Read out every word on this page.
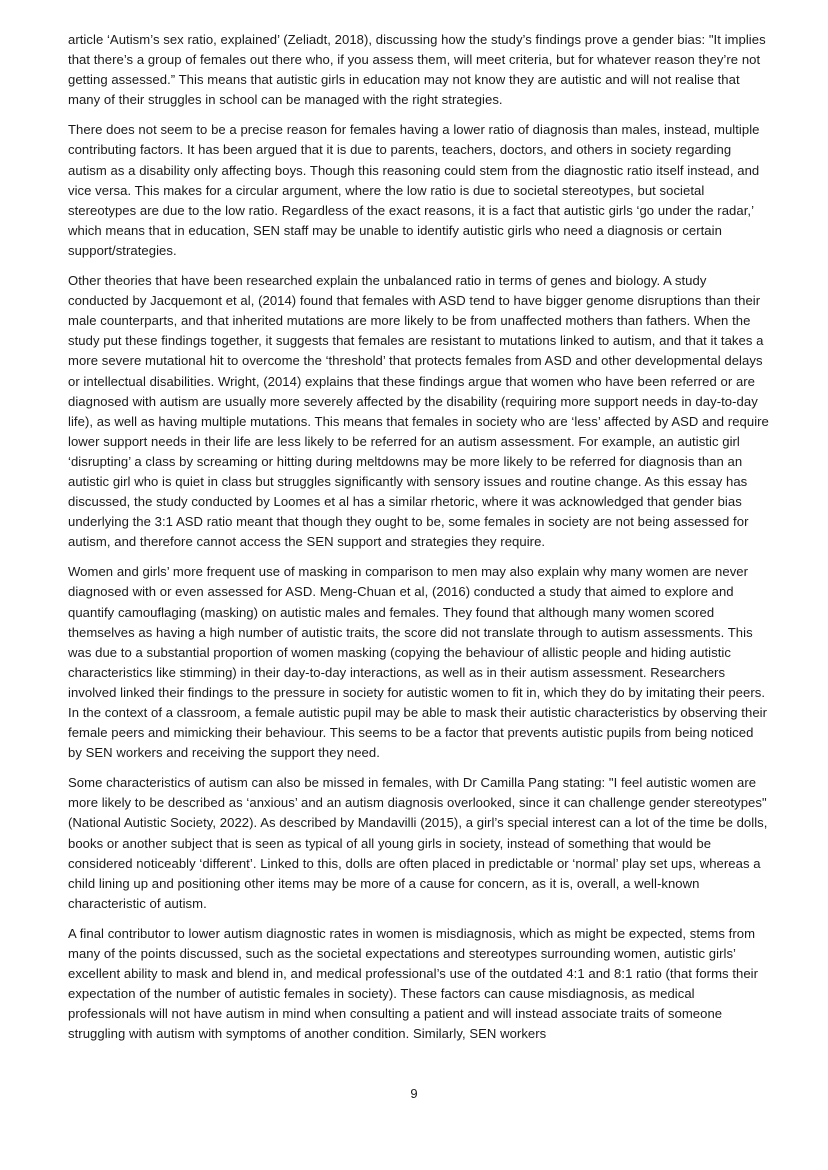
article ‘Autism’s sex ratio, explained’ (Zeliadt, 2018), discussing how the study’s findings prove a gender bias: "It implies that there’s a group of females out there who, if you assess them, will meet criteria, but for whatever reason they’re not getting assessed.” This means that autistic girls in education may not know they are autistic and will not realise that many of their struggles in school can be managed with the right strategies.

There does not seem to be a precise reason for females having a lower ratio of diagnosis than males, instead, multiple contributing factors. It has been argued that it is due to parents, teachers, doctors, and others in society regarding autism as a disability only affecting boys. Though this reasoning could stem from the diagnostic ratio itself instead, and vice versa. This makes for a circular argument, where the low ratio is due to societal stereotypes, but societal stereotypes are due to the low ratio. Regardless of the exact reasons, it is a fact that autistic girls ‘go under the radar,’ which means that in education, SEN staff may be unable to identify autistic girls who need a diagnosis or certain support/strategies.

Other theories that have been researched explain the unbalanced ratio in terms of genes and biology. A study conducted by Jacquemont et al, (2014) found that females with ASD tend to have bigger genome disruptions than their male counterparts, and that inherited mutations are more likely to be from unaffected mothers than fathers. When the study put these findings together, it suggests that females are resistant to mutations linked to autism, and that it takes a more severe mutational hit to overcome the ‘threshold’ that protects females from ASD and other developmental delays or intellectual disabilities. Wright, (2014) explains that these findings argue that women who have been referred or are diagnosed with autism are usually more severely affected by the disability (requiring more support needs in day-to-day life), as well as having multiple mutations. This means that females in society who are ‘less’ affected by ASD and require lower support needs in their life are less likely to be referred for an autism assessment. For example, an autistic girl ‘disrupting’ a class by screaming or hitting during meltdowns may be more likely to be referred for diagnosis than an autistic girl who is quiet in class but struggles significantly with sensory issues and routine change. As this essay has discussed, the study conducted by Loomes et al has a similar rhetoric, where it was acknowledged that gender bias underlying the 3:1 ASD ratio meant that though they ought to be, some females in society are not being assessed for autism, and therefore cannot access the SEN support and strategies they require.

Women and girls’ more frequent use of masking in comparison to men may also explain why many women are never diagnosed with or even assessed for ASD. Meng-Chuan et al, (2016) conducted a study that aimed to explore and quantify camouflaging (masking) on autistic males and females. They found that although many women scored themselves as having a high number of autistic traits, the score did not translate through to autism assessments. This was due to a substantial proportion of women masking (copying the behaviour of allistic people and hiding autistic characteristics like stimming) in their day-to-day interactions, as well as in their autism assessment. Researchers involved linked their findings to the pressure in society for autistic women to fit in, which they do by imitating their peers. In the context of a classroom, a female autistic pupil may be able to mask their autistic characteristics by observing their female peers and mimicking their behaviour. This seems to be a factor that prevents autistic pupils from being noticed by SEN workers and receiving the support they need.

Some characteristics of autism can also be missed in females, with Dr Camilla Pang stating: "I feel autistic women are more likely to be described as ‘anxious’ and an autism diagnosis overlooked, since it can challenge gender stereotypes" (National Autistic Society, 2022). As described by Mandavilli (2015), a girl’s special interest can a lot of the time be dolls, books or another subject that is seen as typical of all young girls in society, instead of something that would be considered noticeably ‘different’. Linked to this, dolls are often placed in predictable or ‘normal’ play set ups, whereas a child lining up and positioning other items may be more of a cause for concern, as it is, overall, a well-known characteristic of autism.

A final contributor to lower autism diagnostic rates in women is misdiagnosis, which as might be expected, stems from many of the points discussed, such as the societal expectations and stereotypes surrounding women, autistic girls’ excellent ability to mask and blend in, and medical professional’s use of the outdated 4:1 and 8:1 ratio (that forms their expectation of the number of autistic females in society). These factors can cause misdiagnosis, as medical professionals will not have autism in mind when consulting a patient and will instead associate traits of someone struggling with autism with symptoms of another condition. Similarly, SEN workers

9
